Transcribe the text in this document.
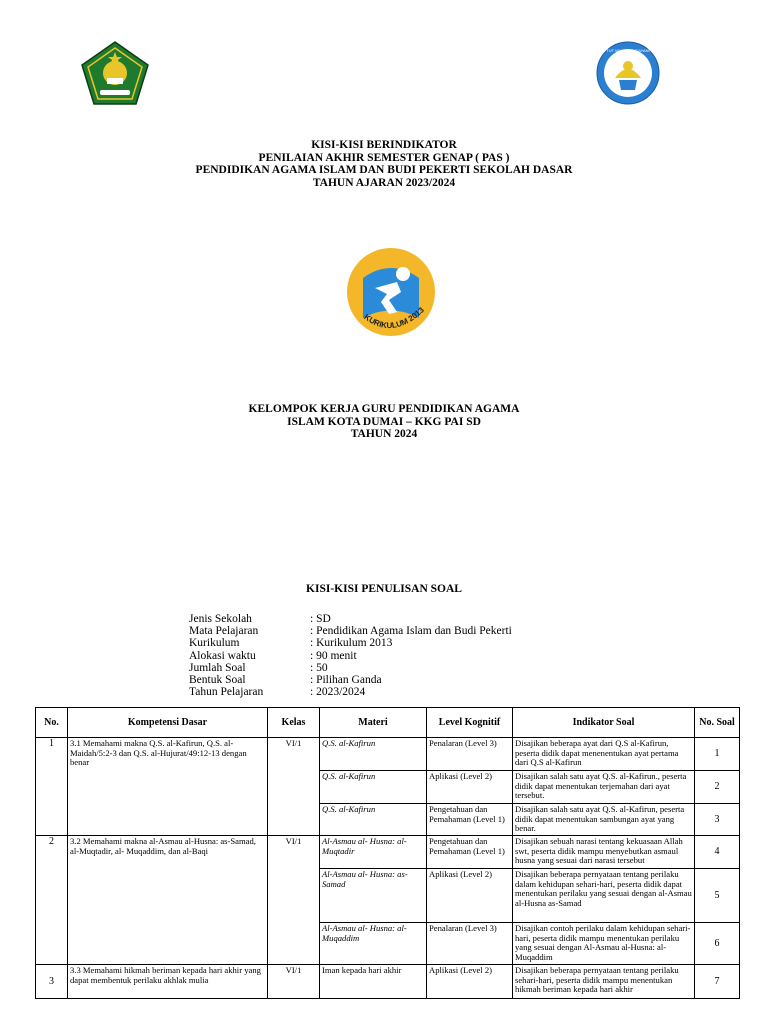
TUT WURI HANDAYANI
KISI-KISI BERINDIKATOR
PENILAIAN AKHIR SEMESTER GENAP ( PAS )
PENDIDIKAN AGAMA ISLAM DAN BUDI PEKERTI SEKOLAH DASAR
TAHUN AJARAN 2023/2024
KURIKULUM 2013
KELOMPOK KERJA GURU PENDIDIKAN AGAMA
ISLAM KOTA DUMAI – KKG PAI SD
TAHUN 2024
KISI-KISI PENULISAN SOAL
Jenis Sekolah	: SD
Mata Pelajaran	: Pendidikan Agama Islam dan Budi Pekerti
Kurikulum	: Kurikulum 2013
Alokasi waktu	: 90 menit
Jumlah Soal	: 50
Bentuk Soal	: Pilihan Ganda
Tahun Pelajaran	: 2023/2024
No.	Kompetensi Dasar	Kelas	Materi	Level Kognitif	Indikator Soal	No. Soal
1	3.1 Memahami makna Q.S. al-Kafirun, Q.S. al-Maidah/5:2-3 dan Q.S. al-Hujurat/49:12-13 dengan benar	VI/1	Q.S. al-Kafirun	Penalaran (Level 3)	Disajikan beberapa ayat dari Q.S al-Kafirun, peserta didik dapat menenentukan ayat pertama dari Q.S al-Kafirun	1
			Q.S. al-Kafirun	Aplikasi (Level 2)	Disajikan salah satu ayat Q.S. al-Kafirun., peserta didik dapat menentukan terjemahan dari ayat tersebut.	2
			Q.S. al-Kafirun	Pengetahuan dan Pemahaman (Level 1)	Disajikan salah satu ayat Q.S. al-Kafirun, peserta didik dapat menentukan sambungan ayat yang benar.	3
2	3.2 Memahami makna al-Asmau al-Husna: as-Samad, al-Muqtadir, al- Muqaddim, dan al-Baqi	VI/1	Al-Asmau al- Husna: al-Muqtadir	Pengetahuan dan Pemahaman (Level 1)	Disajikan sebuah narasi tentang kekuasaan Allah swt, peserta didik mampu menyebutkan asmaul husna yang sesuai dari narasi tersebut	4
			Al-Asmau al- Husna: as-Samad	Aplikasi (Level 2)	Disajikan beberapa pernyataan tentang perilaku dalam kehidupan sehari-hari, peserta didik dapat menentukan perilaku yang sesuai dengan al-Asmau al-Husna as-Samad	5
			Al-Asmau al- Husna: al-Muqaddim	Penalaran (Level 3)	Disajikan contoh perilaku dalam kehidupan sehari-hari, peserta didik mampu menentukan perilaku yang sesuai dengan Al-Asmau al-Husna: al- Muqaddim	6
3	3.3 Memahami hikmah beriman kepada hari akhir yang dapat membentuk perilaku akhlak mulia	VI/1	Iman kepada hari akhir	Aplikasi (Level 2)	Disajikan beberapa pernyataan tentang perilaku sehari-hari, peserta didik mampu menentukan hikmah beriman kepada hari akhir	7
